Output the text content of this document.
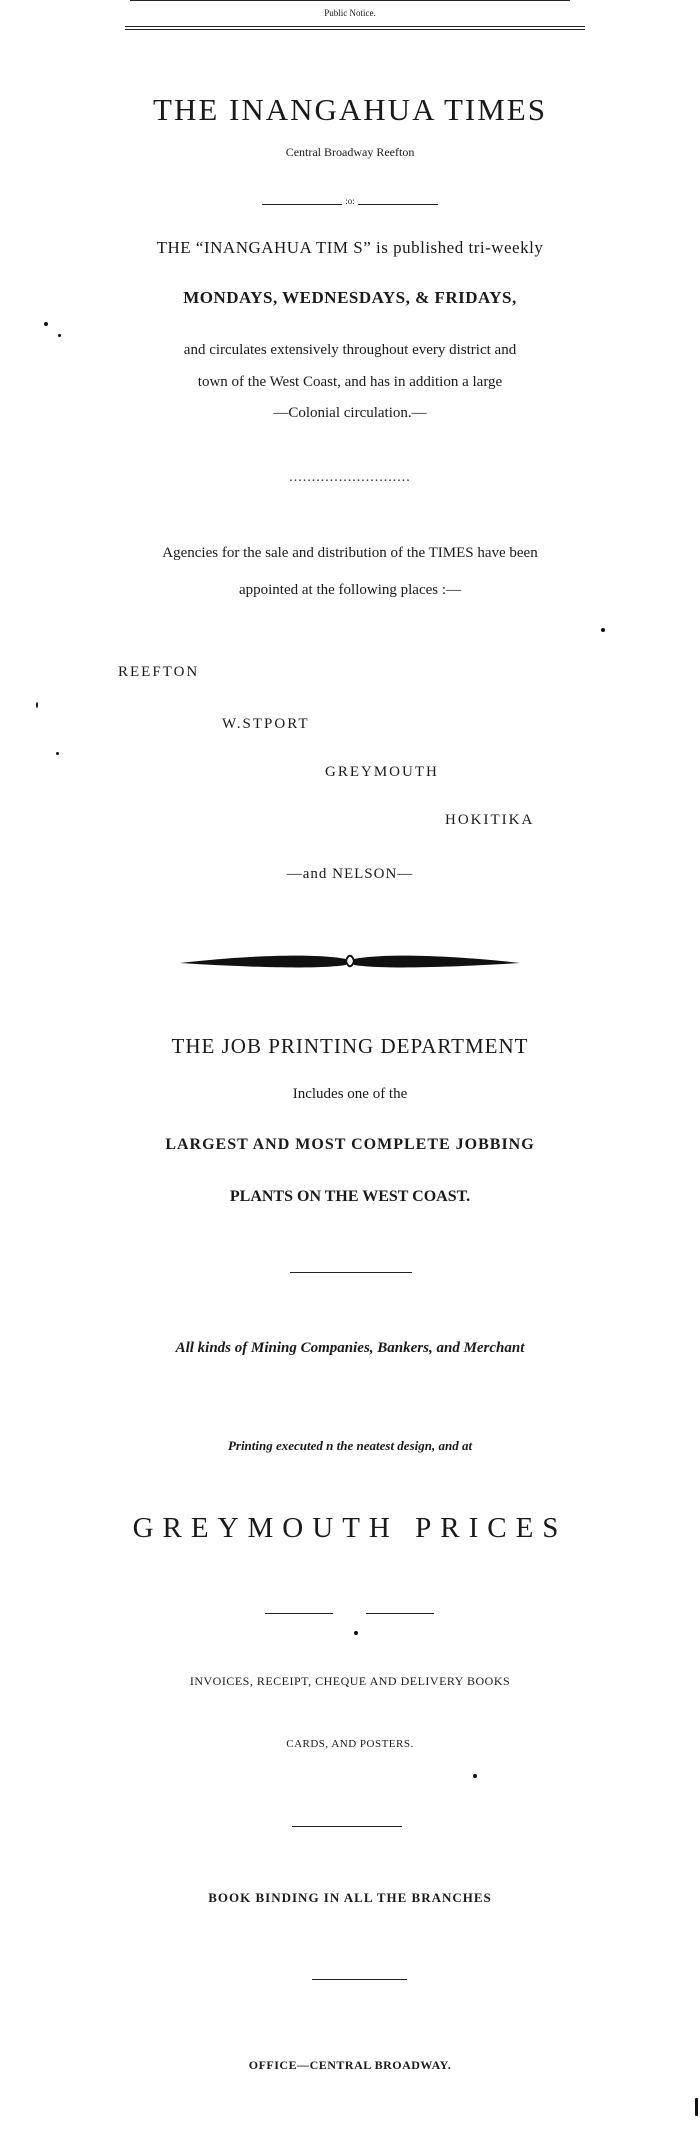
Public Notice.
THE INANGAHUA TIMES
Central Broadway Reefton
:o:
THE “INANGAHUA TIM S” is published tri-weekly
MONDAYS, WEDNESDAYS, & FRIDAYS,
and circulates extensively throughout every district and
town of the West Coast, and has in addition a large
—Colonial circulation.—
...........................
Agencies for the sale and distribution of the TIMES have been
appointed at the following places :—
REEFTON
W.STPORT
GREYMOUTH
HOKITIKA
—and NELSON—
THE JOB PRINTING DEPARTMENT
Includes one of the
LARGEST AND MOST COMPLETE JOBBING
PLANTS ON THE WEST COAST.
All kinds of Mining Companies, Bankers, and Merchant
Printing executed n the neatest design, and at
GREYMOUTH PRICES
INVOICES, RECEIPT, CHEQUE AND DELIVERY BOOKS
CARDS, AND POSTERS.
BOOK BINDING IN ALL THE BRANCHES
OFFICE—CENTRAL BROADWAY.
